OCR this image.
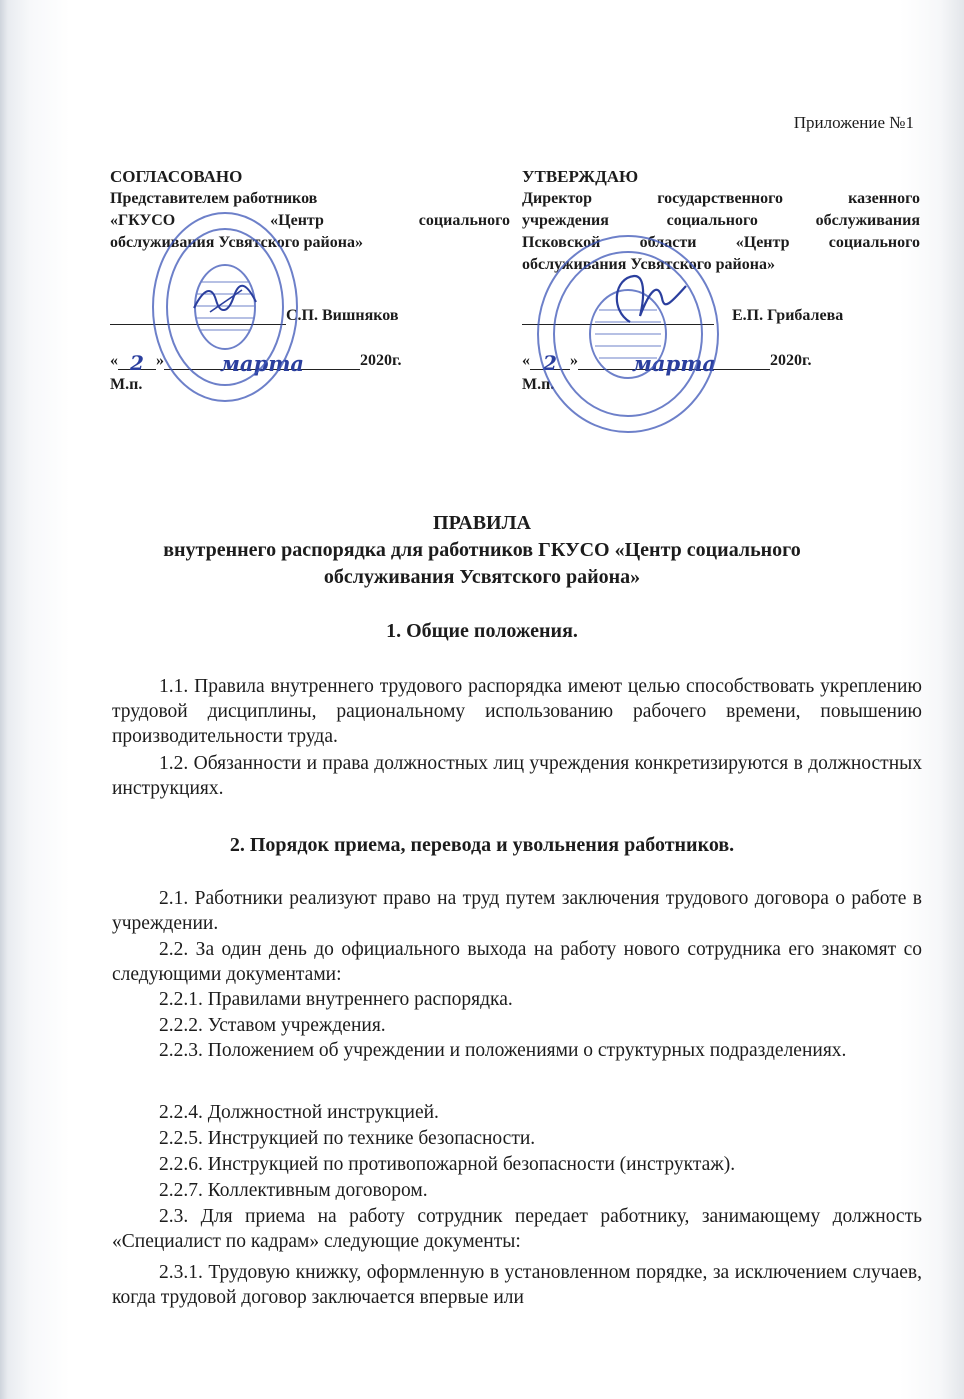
Приложение №1
СОГЛАСОВАНО
Представителем работников
«ГКУСО «Центр социального
обслуживания Усвятского района»
С.П. Вишняков
« 2 »	марта	2020г.
М.п.
УТВЕРЖДАЮ
Директор государственного казенного
учреждения социального обслуживания
Псковской области «Центр социального
обслуживания Усвятского района»
Е.П. Грибалева
« 2 »	марта	2020г.
М.п.
ПРАВИЛА
внутреннего распорядка для работников ГКУСО «Центр социального
обслуживания Усвятского района»
1. Общие положения.
1.1. Правила внутреннего трудового распорядка имеют целью способствовать укреплению трудовой дисциплины, рациональному использованию рабочего времени, повышению производительности труда.
1.2. Обязанности и права должностных лиц учреждения конкретизируются в должностных инструкциях.
2. Порядок приема, перевода и увольнения работников.
2.1. Работники реализуют право на труд путем заключения трудового договора о работе в учреждении.
2.2. За один день до официального выхода на работу нового сотрудника его знакомят со следующими документами:
2.2.1. Правилами внутреннего распорядка.
2.2.2. Уставом учреждения.
2.2.3. Положением об учреждении и положениями о структурных подразделениях.
2.2.4. Должностной инструкцией.
2.2.5. Инструкцией по технике безопасности.
2.2.6. Инструкцией по противопожарной безопасности (инструктаж).
2.2.7. Коллективным договором.
2.3. Для приема на работу сотрудник передает работнику, занимающему должность «Специалист по кадрам» следующие документы:
2.3.1. Трудовую книжку, оформленную в установленном порядке, за исключением случаев, когда трудовой договор заключается впервые или
